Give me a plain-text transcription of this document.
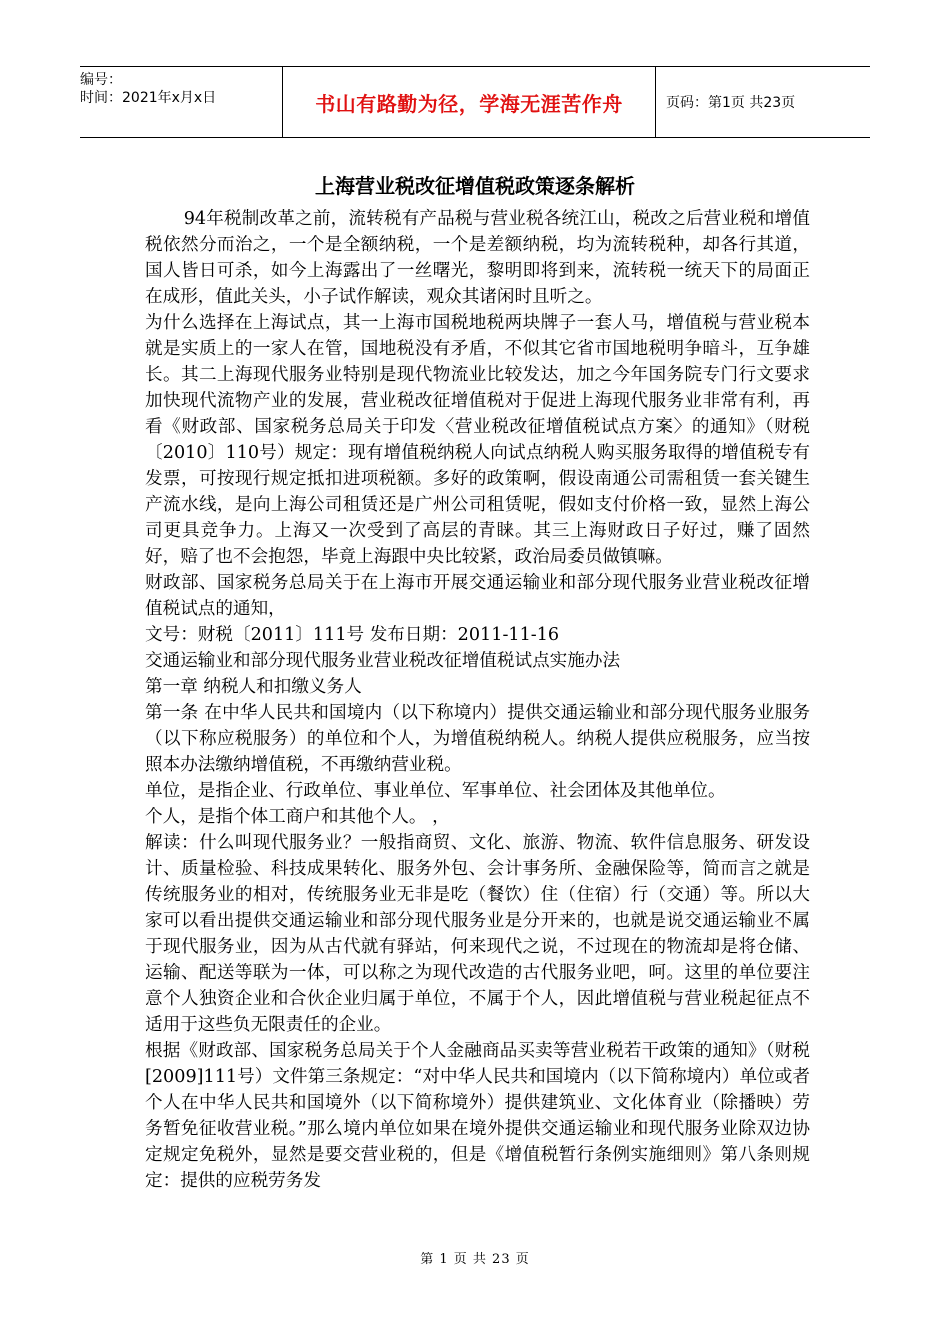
编号：
时间：2021年x月x日	书山有路勤为径，学海无涯苦作舟	页码：第1页 共23页
上海营业税改征增值税政策逐条解析

94年税制改革之前，流转税有产品税与营业税各统江山，税改之后营业税和增值税依然分而治之，一个是全额纳税，一个是差额纳税，均为流转税种，却各行其道，国人皆日可杀，如今上海露出了一丝曙光，黎明即将到来，流转税一统天下的局面正在成形，值此关头，小子试作解读，观众其诸闲时且听之。

为什么选择在上海试点，其一上海市国税地税两块牌子一套人马，增值税与营业税本就是实质上的一家人在管，国地税没有矛盾，不似其它省市国地税明争暗斗，互争雄长。其二上海现代服务业特别是现代物流业比较发达，加之今年国务院专门行文要求加快现代流物产业的发展，营业税改征增值税对于促进上海现代服务业非常有利，再看《财政部、国家税务总局关于印发〈营业税改征增值税试点方案〉的通知》（财税〔2010〕110号）规定：现有增值税纳税人向试点纳税人购买服务取得的增值税专有发票，可按现行规定抵扣进项税额。多好的政策啊，假设南通公司需租赁一套关键生产流水线，是向上海公司租赁还是广州公司租赁呢，假如支付价格一致，显然上海公司更具竞争力。上海又一次受到了高层的青睐。其三上海财政日子好过，赚了固然好，赔了也不会抱怨，毕竟上海跟中央比较紧，政治局委员做镇嘛。

财政部、国家税务总局关于在上海市开展交通运输业和部分现代服务业营业税改征增值税试点的通知，

文号：财税〔2011〕111号 发布日期：2011-11-16

交通运输业和部分现代服务业营业税改征增值税试点实施办法

第一章 纳税人和扣缴义务人

第一条 在中华人民共和国境内（以下称境内）提供交通运输业和部分现代服务业服务（以下称应税服务）的单位和个人，为增值税纳税人。纳税人提供应税服务，应当按照本办法缴纳增值税，不再缴纳营业税。

单位，是指企业、行政单位、事业单位、军事单位、社会团体及其他单位。

个人，是指个体工商户和其他个人。 ，

解读：什么叫现代服务业？一般指商贸、文化、旅游、物流、软件信息服务、研发设计、质量检验、科技成果转化、服务外包、会计事务所、金融保险等，简而言之就是传统服务业的相对，传统服务业无非是吃（餐饮）住（住宿）行（交通）等。所以大家可以看出提供交通运输业和部分现代服务业是分开来的，也就是说交通运输业不属于现代服务业，因为从古代就有驿站，何来现代之说，不过现在的物流却是将仓储、运输、配送等联为一体，可以称之为现代改造的古代服务业吧，呵。这里的单位要注意个人独资企业和合伙企业归属于单位，不属于个人，因此增值税与营业税起征点不适用于这些负无限责任的企业。

根据《财政部、国家税务总局关于个人金融商品买卖等营业税若干政策的通知》（财税[2009]111号）文件第三条规定：“对中华人民共和国境内（以下简称境内）单位或者个人在中华人民共和国境外（以下简称境外）提供建筑业、文化体育业（除播映）劳务暂免征收营业税。”那么境内单位如果在境外提供交通运输业和现代服务业除双边协定规定免税外，显然是要交营业税的，但是《增值税暂行条例实施细则》第八条则规定：提供的应税劳务发

第 1 页 共 23 页
